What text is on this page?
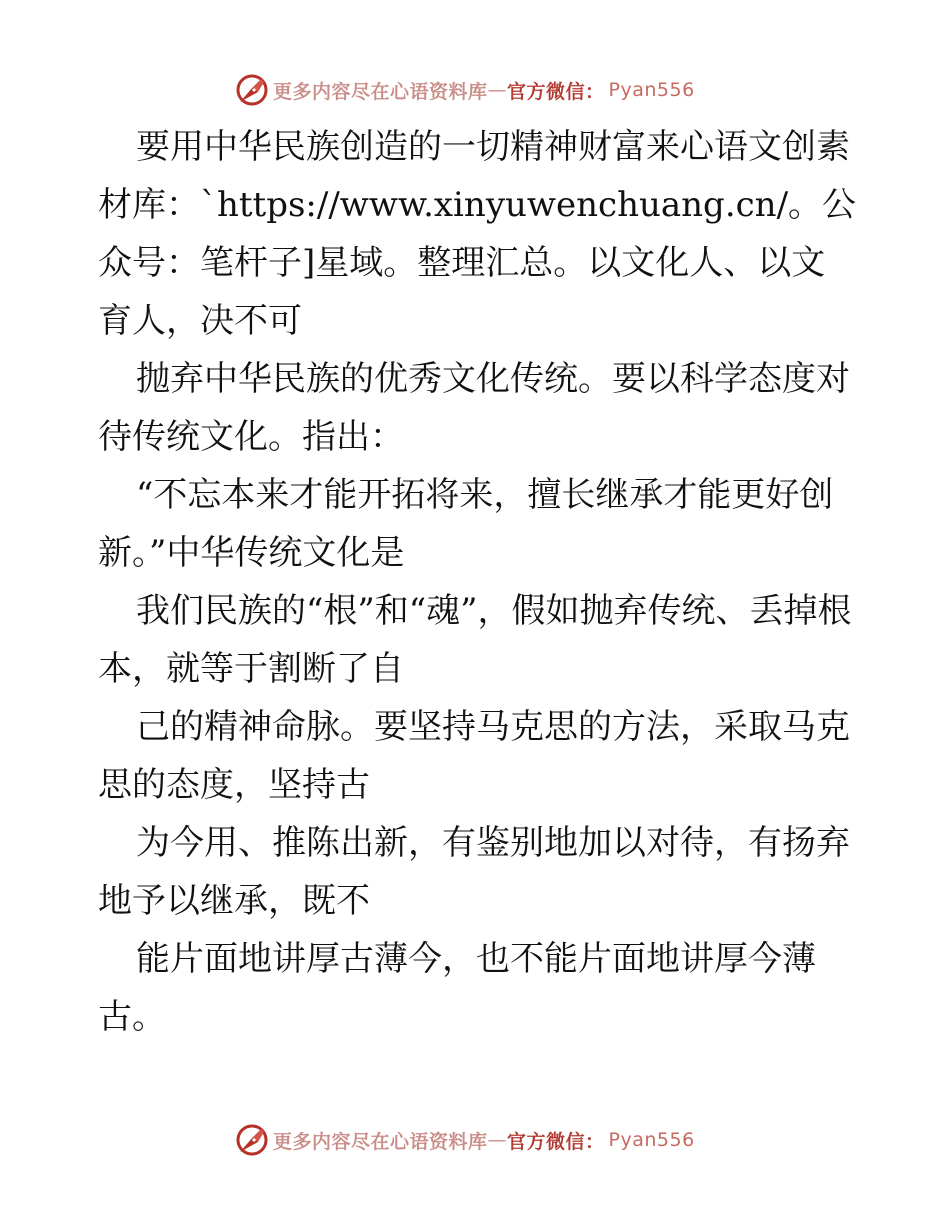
更多内容尽在心语资料库 — 官方微信 ： Pyan556

要用中华民族创造的一切精神财富来心语文创素材库：`https://www.xinyuwenchuang.cn/。公众号：笔杆子]星域。整理汇总。以文化人、以文育人，决不可

抛弃中华民族的优秀文化传统。要以科学态度对待传统文化。指出：

“不忘本来才能开拓将来，擅长继承才能更好创新。”中华传统文化是

我们民族的“根”和“魂”，假如抛弃传统、丢掉根本，就等于割断了自

己的精神命脉。要坚持马克思的方法，采取马克思的态度，坚持古

为今用、推陈出新，有鉴别地加以对待，有扬弃地予以继承，既不

能片面地讲厚古薄今，也不能片面地讲厚今薄古。

更多内容尽在心语资料库 — 官方微信 ： Pyan556
